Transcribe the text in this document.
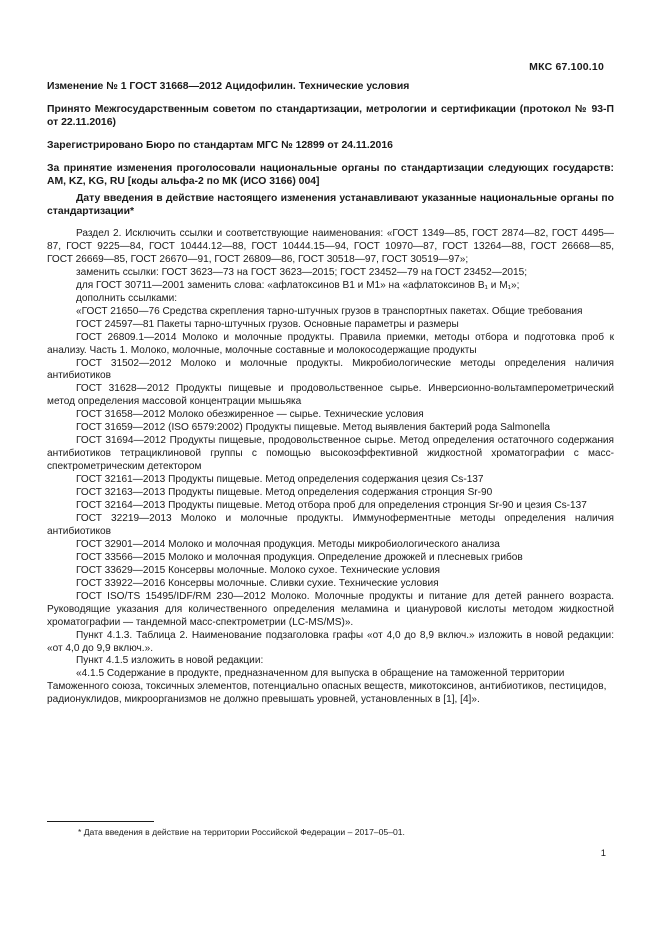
МКС 67.100.10

Изменение № 1 ГОСТ 31668—2012 Ацидофилин. Технические условия

Принято Межгосударственным советом по стандартизации, метрологии и сертификации (протокол № 93-П от 22.11.2016)

Зарегистрировано Бюро по стандартам МГС № 12899 от 24.11.2016

За принятие изменения проголосовали национальные органы по стандартизации следующих государств: AM, KZ, KG, RU [коды альфа-2 по МК (ИСО 3166) 004]

Дату введения в действие настоящего изменения устанавливают указанные национальные органы по стандартизации*

Раздел 2. Исключить ссылки и соответствующие наименования: «ГОСТ 1349—85, ГОСТ 2874—82, ГОСТ 4495—87, ГОСТ 9225—84, ГОСТ 10444.12—88, ГОСТ 10444.15—94, ГОСТ 10970—87, ГОСТ 13264—88, ГОСТ 26668—85, ГОСТ 26669—85, ГОСТ 26670—91, ГОСТ 26809—86, ГОСТ 30518—97, ГОСТ 30519—97»;

заменить ссылки: ГОСТ 3623—73 на ГОСТ 3623—2015; ГОСТ 23452—79 на ГОСТ 23452—2015;

для ГОСТ 30711—2001 заменить слова: «афлатоксинов В1 и М1» на «афлатоксинов B₁ и M₁»;

дополнить ссылками:

«ГОСТ 21650—76 Средства скрепления тарно-штучных грузов в транспортных пакетах. Общие требования

ГОСТ 24597—81 Пакеты тарно-штучных грузов. Основные параметры и размеры

ГОСТ 26809.1—2014 Молоко и молочные продукты. Правила приемки, методы отбора и подготовка проб к анализу. Часть 1. Молоко, молочные, молочные составные и молокосодержащие продукты

ГОСТ 31502—2012 Молоко и молочные продукты. Микробиологические методы определения наличия антибиотиков

ГОСТ 31628—2012 Продукты пищевые и продовольственное сырье. Инверсионно-вольтамперометрический метод определения массовой концентрации мышьяка

ГОСТ 31658—2012 Молоко обезжиренное — сырье. Технические условия

ГОСТ 31659—2012 (ISO 6579:2002) Продукты пищевые. Метод выявления бактерий рода Salmonella

ГОСТ 31694—2012 Продукты пищевые, продовольственное сырье. Метод определения остаточного содержания антибиотиков тетрациклиновой группы с помощью высокоэффективной жидкостной хроматографии с масс-спектрометрическим детектором

ГОСТ 32161—2013 Продукты пищевые. Метод определения содержания цезия Cs-137

ГОСТ 32163—2013 Продукты пищевые. Метод определения содержания стронция Sr-90

ГОСТ 32164—2013 Продукты пищевые. Метод отбора проб для определения стронция Sr-90 и цезия Cs-137

ГОСТ 32219—2013 Молоко и молочные продукты. Иммуноферментные методы определения наличия антибиотиков

ГОСТ 32901—2014 Молоко и молочная продукция. Методы микробиологического анализа

ГОСТ 33566—2015 Молоко и молочная продукция. Определение дрожжей и плесневых грибов

ГОСТ 33629—2015 Консервы молочные. Молоко сухое. Технические условия

ГОСТ 33922—2016 Консервы молочные. Сливки сухие. Технические условия

ГОСТ ISO/TS 15495/IDF/RM 230—2012 Молоко. Молочные продукты и питание для детей раннего возраста. Руководящие указания для количественного определения меламина и циануровой кислоты методом жидкостной хроматографии — тандемной масс-спектрометрии (LC-MS/MS)».

Пункт 4.1.3. Таблица 2. Наименование подзаголовка графы «от 4,0 до 8,9 включ.» изложить в новой редакции: «от 4,0 до 9,9 включ.».

Пункт 4.1.5 изложить в новой редакции:

«4.1.5 Содержание в продукте, предназначенном для выпуска в обращение на таможенной территории Таможенного союза, токсичных элементов, потенциально опасных веществ, микотоксинов, антибиотиков, пестицидов, радионуклидов, микроорганизмов не должно превышать уровней, установленных в [1], [4]».

* Дата введения в действие на территории Российской Федерации – 2017–05–01.
1
